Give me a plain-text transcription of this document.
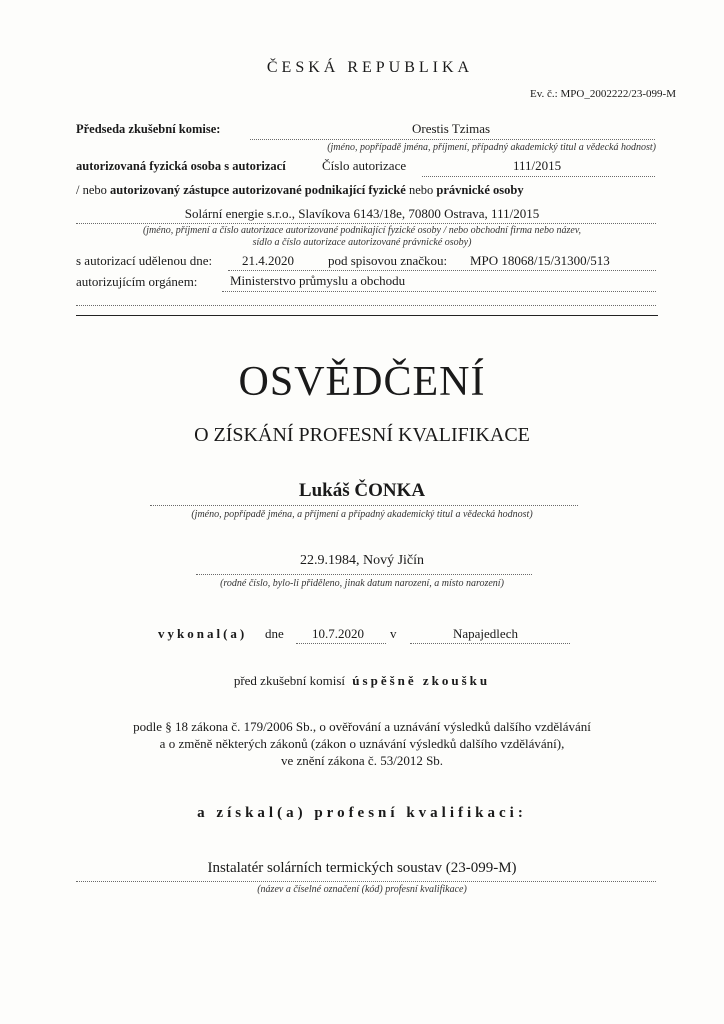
ČESKÁ REPUBLIKA
Ev. č.: MPO_2002222/23-099-M
Předseda zkušební komise:	Orestis Tzimas
(jméno, popřípadě jména, příjmení, případný akademický titul a vědecká hodnost)
autorizovaná fyzická osoba s autorizací	Číslo autorizace	111/2015
/ nebo autorizovaný zástupce autorizované podnikající fyzické nebo právnické osoby
Solární energie s.r.o., Slavíkova 6143/18e, 70800 Ostrava, 111/2015
(jméno, příjmení a číslo autorizace autorizované podnikající fyzické osoby / nebo obchodní firma nebo název,
sídlo a číslo autorizace autorizované právnické osoby)
s autorizací udělenou dne: 21.4.2020	pod spisovou značkou: MPO 18068/15/31300/513
autorizujícím orgánem:	Ministerstvo průmyslu a obchodu
OSVĚDČENÍ
O ZÍSKÁNÍ PROFESNÍ KVALIFIKACE
Lukáš ČONKA
(jméno, popřípadě jména, a příjmení a případný akademický titul a vědecká hodnost)
22.9.1984, Nový Jičín
(rodné číslo, bylo-li přiděleno, jinak datum narození, a místo narození)
vykonal(a) dne 10.7.2020 v	Napajedlech
před zkušební komisí úspěšně zkoušku
podle § 18 zákona č. 179/2006 Sb., o ověřování a uznávání výsledků dalšího vzdělávání
a o změně některých zákonů (zákon o uznávání výsledků dalšího vzdělávání),
ve znění zákona č. 53/2012 Sb.
a získal(a) profesní kvalifikaci:
Instalatér solárních termických soustav (23-099-M)
(název a číselné označení (kód) profesní kvalifikace)
